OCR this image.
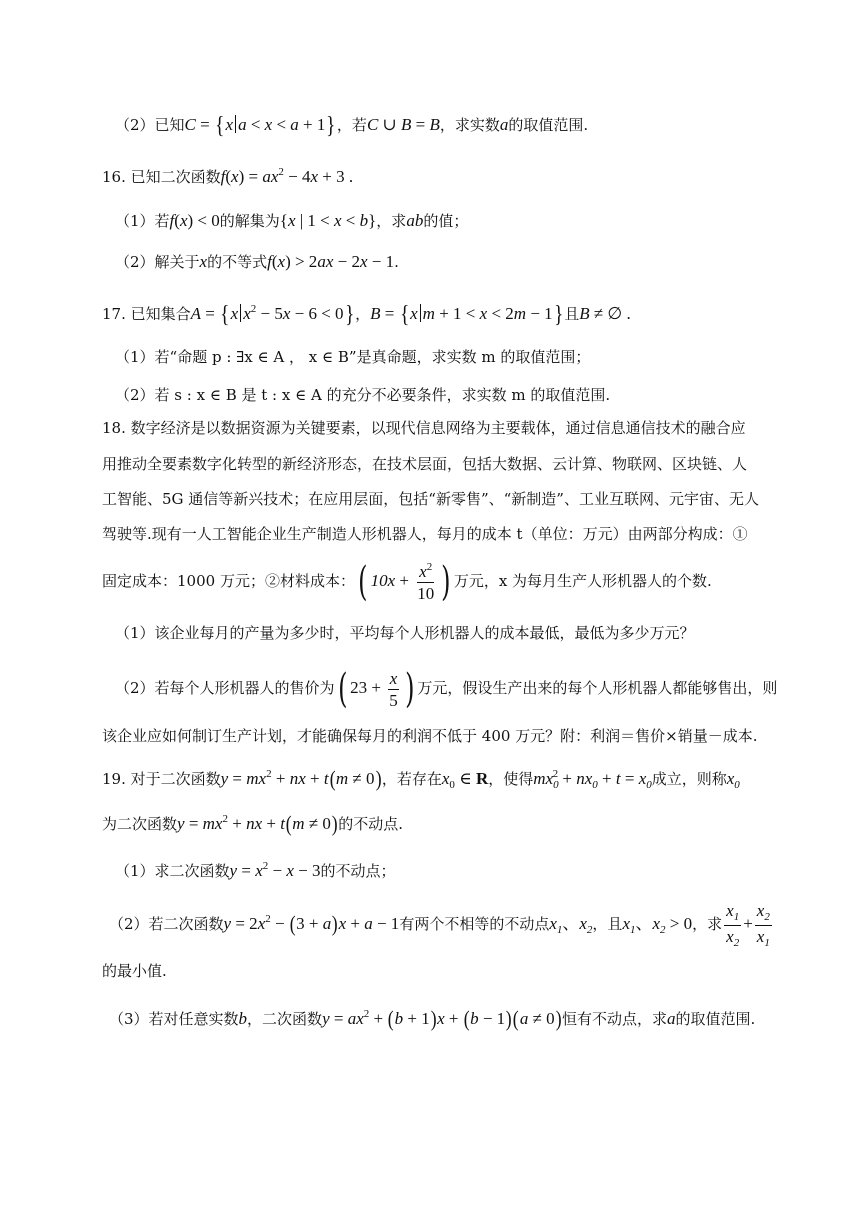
（2）已知C = {x a < x < a + 1}，若C ∪ B = B，求实数a的取值范围.
16. 已知二次函数$f(x) = ax^2 - 4x + 3$ .
（1）若f(x) < 0的解集为{x | 1 < x < b}，求ab的值；
（2）解关于x的不等式f(x) > 2ax − 2x − 1.
17. 已知集合A = {x $x^2 - 5x - 6 < 0$}，B = {x m + 1 < x < 2m − 1}且B ≠ ∅ .
（1）若“命题 p : ∃x ∈ A ， x ∈ B”是真命题，求实数 m 的取值范围；
（2）若 s : x ∈ B 是 t : x ∈ A 的充分不必要条件，求实数 m 的取值范围.
18. 数字经济是以数据资源为关键要素，以现代信息网络为主要载体，通过信息通信技术的融合应
用推动全要素数字化转型的新经济形态，在技术层面，包括大数据、云计算、物联网、区块链、人
工智能、5G 通信等新兴技术；在应用层面，包括“新零售”、“新制造”、工业互联网、元宇宙、无人
驾驶等.现有一人工智能企业生产制造人形机器人，每月的成本 t（单位：万元）由两部分构成：①
固定成本：1000 万元；②材料成本：( $10x + \frac{x^2}{10}$ ) 万元，x 为每月生产人形机器人的个数.
（1）该企业每月的产量为多少时，平均每个人形机器人的成本最低，最低为多少万元？
（2）若每个人形机器人的售价为( $23 + \frac{x}{5}$ ) 万元，假设生产出来的每个人形机器人都能够售出，则
该企业应如何制订生产计划，才能确保每月的利润不低于 400 万元？附：利润＝售价×销量－成本.
19. 对于二次函数$y = mx^2$ + nx + t(m ≠ 0)，若存在$x_0$ ∈ R，使得$mx_0^2 + nx_0 + t = x_0$成立，则称$x_0$
为二次函数$y = mx^2$ + nx + t(m ≠ 0)的不动点.
（1）求二次函数$y = x^2 - x - 3$的不动点；
（2）若二次函数$y = 2x^2 - (3 + a)x + a - 1$有两个不相等的不动点$x_1$、$x_2$，且$x_1$、$x_2 > 0$，求 $\frac{x_1}{x_2} + \frac{x_2}{x_1}$
的最小值.
（3）若对任意实数b，二次函数$y = ax^2 + (b + 1)x + (b - 1)(a \ne 0)$恒有不动点，求a的取值范围.
